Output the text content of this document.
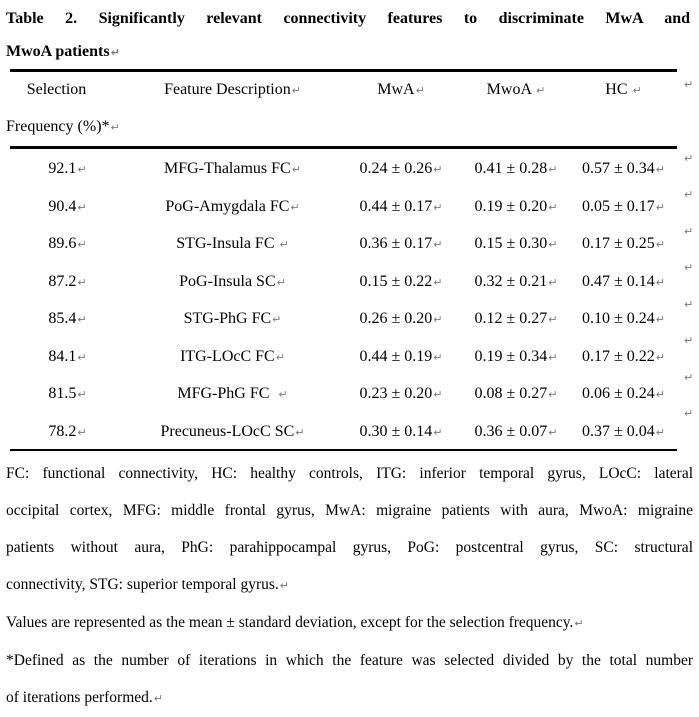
Table 2. Significantly relevant connectivity features to discriminate MwA and
MwoA patients↵
Selection
Frequency (%)*↵	Feature Description↵	MwA↵	MwoA ↵	HC ↵
92.1↵	MFG-Thalamus FC↵	0.24 ± 0.26↵	0.41 ± 0.28↵	0.57 ± 0.34↵
90.4↵	PoG-Amygdala FC↵	0.44 ± 0.17↵	0.19 ± 0.20↵	0.05 ± 0.17↵
89.6↵	STG-Insula FC ↵	0.36 ± 0.17↵	0.15 ± 0.30↵	0.17 ± 0.25↵
87.2↵	PoG-Insula SC↵	0.15 ± 0.22↵	0.32 ± 0.21↵	0.47 ± 0.14↵
85.4↵	STG-PhG FC↵	0.26 ± 0.20↵	0.12 ± 0.27↵	0.10 ± 0.24↵
84.1↵	ITG-LOcC FC↵	0.44 ± 0.19↵	0.19 ± 0.34↵	0.17 ± 0.22↵
81.5↵	MFG-PhG FC  ↵	0.23 ± 0.20↵	0.08 ± 0.27↵	0.06 ± 0.24↵
78.2↵	Precuneus-LOcC SC↵	0.30 ± 0.14↵	0.36 ± 0.07↵	0.37 ± 0.04↵

FC: functional connectivity, HC: healthy controls, ITG: inferior temporal gyrus, LOcC: lateral
occipital cortex, MFG: middle frontal gyrus, MwA: migraine patients with aura, MwoA: migraine
patients without aura, PhG: parahippocampal gyrus, PoG: postcentral gyrus, SC: structural
connectivity, STG: superior temporal gyrus.↵

Values are represented as the mean ± standard deviation, except for the selection frequency.↵

*Defined as the number of iterations in which the feature was selected divided by the total number
of iterations performed.↵

↵
↵
↵
↵
↵
↵
↵
↵
↵
